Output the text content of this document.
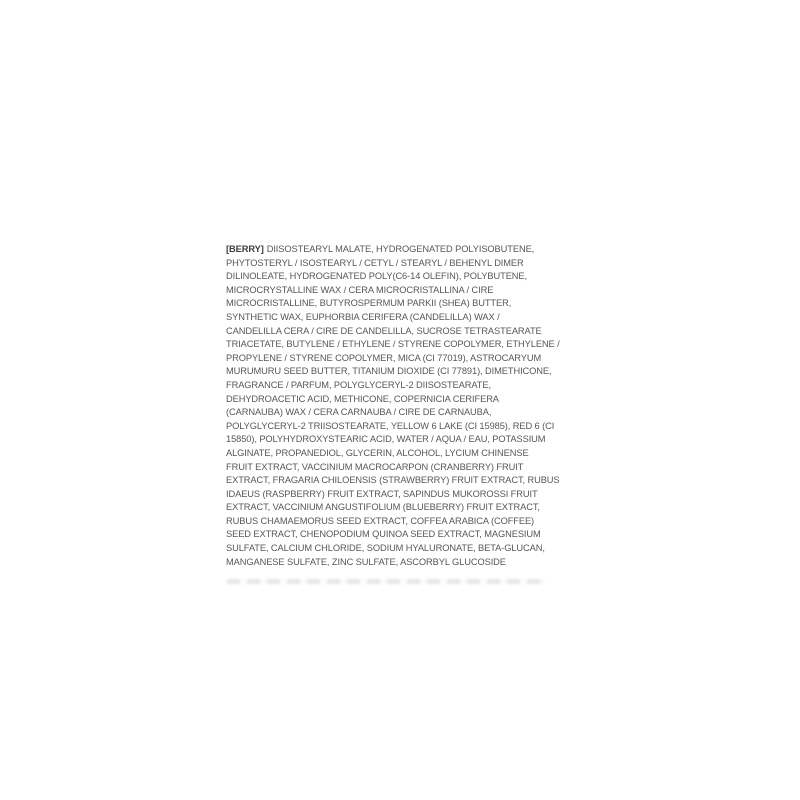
[BERRY] DIISOSTEARYL MALATE, HYDROGENATED POLYISOBUTENE,
PHYTOSTERYL / ISOSTEARYL / CETYL / STEARYL / BEHENYL DIMER
DILINOLEATE, HYDROGENATED POLY(C6-14 OLEFIN), POLYBUTENE,
MICROCRYSTALLINE WAX / CERA MICROCRISTALLINA / CIRE
MICROCRISTALLINE, BUTYROSPERMUM PARKII (SHEA) BUTTER,
SYNTHETIC WAX, EUPHORBIA CERIFERA (CANDELILLA) WAX /
CANDELILLA CERA / CIRE DE CANDELILLA, SUCROSE TETRASTEARATE
TRIACETATE, BUTYLENE / ETHYLENE / STYRENE COPOLYMER, ETHYLENE /
PROPYLENE / STYRENE COPOLYMER, MICA (CI 77019), ASTROCARYUM
MURUMURU SEED BUTTER, TITANIUM DIOXIDE (CI 77891), DIMETHICONE,
FRAGRANCE / PARFUM, POLYGLYCERYL-2 DIISOSTEARATE,
DEHYDROACETIC ACID, METHICONE, COPERNICIA CERIFERA
(CARNAUBA) WAX / CERA CARNAUBA / CIRE DE CARNAUBA,
POLYGLYCERYL-2 TRIISOSTEARATE, YELLOW 6 LAKE (CI 15985), RED 6 (CI
15850), POLYHYDROXYSTEARIC ACID, WATER / AQUA / EAU, POTASSIUM
ALGINATE, PROPANEDIOL, GLYCERIN, ALCOHOL, LYCIUM CHINENSE
FRUIT EXTRACT, VACCINIUM MACROCARPON (CRANBERRY) FRUIT
EXTRACT, FRAGARIA CHILOENSIS (STRAWBERRY) FRUIT EXTRACT, RUBUS
IDAEUS (RASPBERRY) FRUIT EXTRACT, SAPINDUS MUKOROSSI FRUIT
EXTRACT, VACCINIUM ANGUSTIFOLIUM (BLUEBERRY) FRUIT EXTRACT,
RUBUS CHAMAEMORUS SEED EXTRACT, COFFEA ARABICA (COFFEE)
SEED EXTRACT, CHENOPODIUM QUINOA SEED EXTRACT, MAGNESIUM
SULFATE, CALCIUM CHLORIDE, SODIUM HYALURONATE, BETA-GLUCAN,
MANGANESE SULFATE, ZINC SULFATE, ASCORBYL GLUCOSIDE
